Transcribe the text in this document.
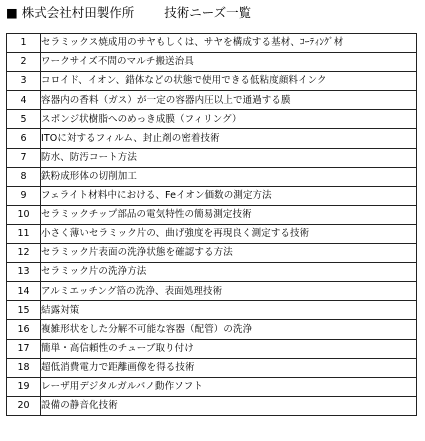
■ 株式会社村田製作所 技術ニーズ一覧
1	セラミックス焼成用のサヤもしくは、サヤを構成する基材、ｺｰﾃｨﾝｸﾞ材
2	ワークサイズ不問のマルチ搬送治具
3	コロイド、イオン、錯体などの状態で使用できる低粘度顔料インク
4	容器内の香料（ガス）が一定の容器内圧以上で通過する膜
5	スポンジ状樹脂へのめっき成膜（フィリング）
6	ITOに対するフィルム、封止剤の密着技術
7	防水、防汚コート方法
8	鉄粉成形体の切削加工
9	フェライト材料中における、Feイオン価数の測定方法
10	セラミックチップ部品の電気特性の簡易測定技術
11	小さく薄いセラミック片の、曲げ強度を再現良く測定する技術
12	セラミック片表面の洗浄状態を確認する方法
13	セラミック片の洗浄方法
14	アルミエッチング箔の洗浄、表面処理技術
15	結露対策
16	複雑形状をした分解不可能な容器（配管）の洗浄
17	簡単・高信頼性のチューブ取り付け
18	超低消費電力で距離画像を得る技術
19	レーザ用デジタルガルバノ動作ソフト
20	設備の静音化技術
